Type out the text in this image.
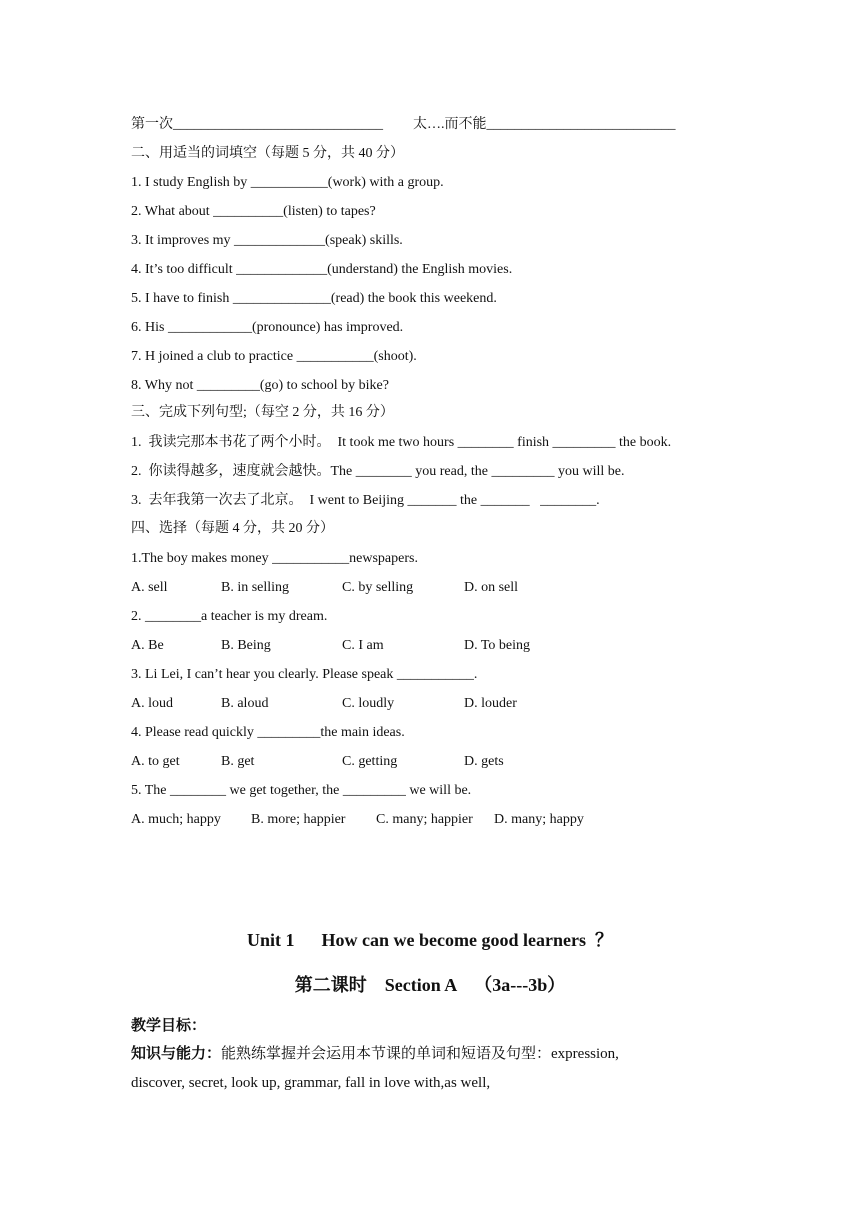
第一次______________________________ 太….而不能___________________________
二、用适当的词填空（每题 5 分，共 40 分）
1. I study English by ___________(work) with a group.
2. What about __________(listen) to tapes?
3. It improves my _____________(speak) skills.
4. It’s too difficult _____________(understand) the English movies.
5. I have to finish ______________(read) the book this weekend.
6. His ____________(pronounce) has improved.
7. H joined a club to practice ___________(shoot).
8. Why not _________(go) to school by bike?
三、完成下列句型;（每空 2 分，共 16 分）
1.  我读完那本书花了两个小时。  It took me two hours ________ finish _________ the book.
2.  你读得越多，速度就会越快。The ________ you read, the _________ you will be.
3.  去年我第一次去了北京。  I went to Beijing _______ the _______   ________.
四、选择（每题 4 分，共 20 分）
1.The boy makes money ___________newspapers.
A. sell	B. in selling	C. by selling	D. on sell
2. ________a teacher is my dream.
A. Be	B. Being	C. I am	D. To being
3. Li Lei, I can’t hear you clearly. Please speak ___________.
A. loud	B. aloud	C. loudly	D. louder
4. Please read quickly _________the main ideas.
A. to get	B. get	C. getting	D. gets
5. The ________ we get together, the _________ we will be.
A. much; happy B. more; happier C. many; happier D. many; happy
Unit 1      How can we become good learners  ？
第二课时    Section A    （3a---3b）
教学目标：
知识与能力：能熟练掌握并会运用本节课的单词和短语及句型：expression,
discover, secret, look up, grammar, fall in love with,as well,
